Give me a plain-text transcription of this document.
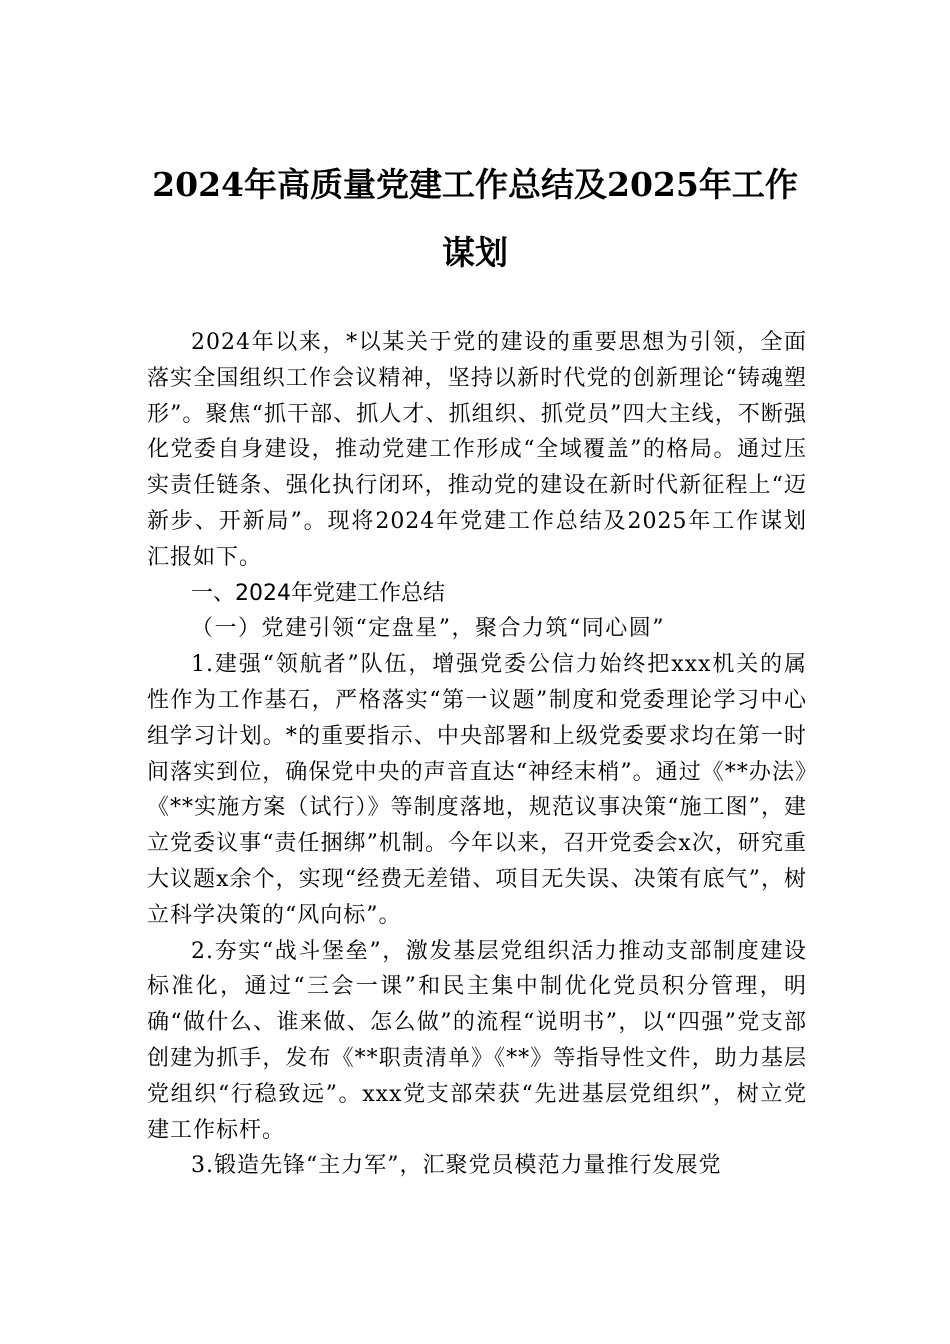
2024年高质量党建工作总结及2025年工作
谋划

2024年以来，*以某关于党的建设的重要思想为引领，全面落实全国组织工作会议精神，坚持以新时代党的创新理论“铸魂塑形”。聚焦“抓干部、抓人才、抓组织、抓党员”四大主线，不断强化党委自身建设，推动党建工作形成“全域覆盖”的格局。通过压实责任链条、强化执行闭环，推动党的建设在新时代新征程上“迈新步、开新局”。现将2024年党建工作总结及2025年工作谋划汇报如下。

一、2024年党建工作总结

（一）党建引领“定盘星”，聚合力筑“同心圆”

1.建强“领航者”队伍，增强党委公信力始终把xxx机关的属性作为工作基石，严格落实“第一议题”制度和党委理论学习中心组学习计划。*的重要指示、中央部署和上级党委要求均在第一时间落实到位，确保党中央的声音直达“神经末梢”。通过《**办法》《**实施方案（试行）》等制度落地，规范议事决策“施工图”，建立党委议事“责任捆绑”机制。今年以来，召开党委会x次，研究重大议题x余个，实现“经费无差错、项目无失误、决策有底气”，树立科学决策的“风向标”。

2.夯实“战斗堡垒”，激发基层党组织活力推动支部制度建设标准化，通过“三会一课”和民主集中制优化党员积分管理，明确“做什么、谁来做、怎么做”的流程“说明书”，以“四强”党支部创建为抓手，发布《**职责清单》《**》等指导性文件，助力基层党组织“行稳致远”。xxx党支部荣获“先进基层党组织”，树立党建工作标杆。

3.锻造先锋“主力军”，汇聚党员模范力量推行发展党
